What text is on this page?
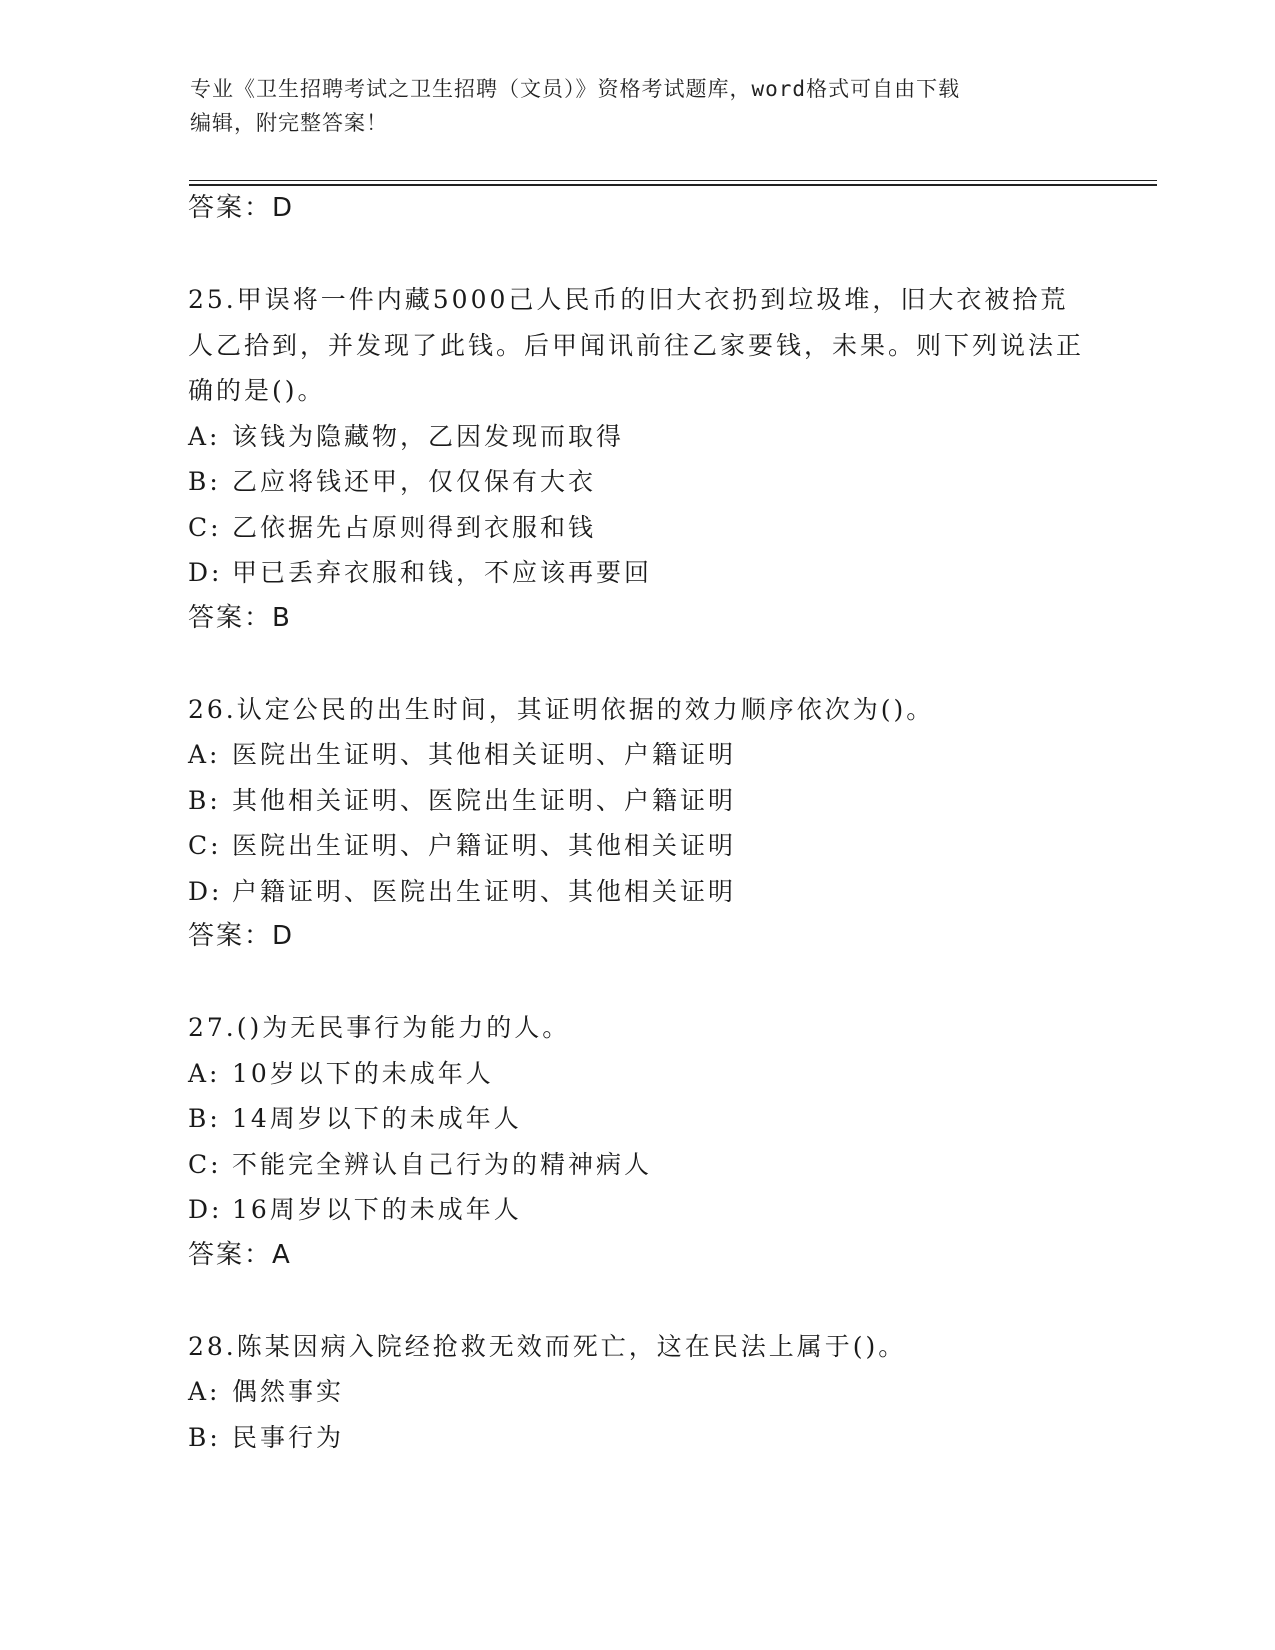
专业《卫生招聘考试之卫生招聘（文员）》资格考试题库，word格式可自由下载
编辑，附完整答案！
答案：D
25.甲误将一件内藏5000己人民币的旧大衣扔到垃圾堆，旧大衣被拾荒人乙拾到，并发现了此钱。后甲闻讯前往乙家要钱，未果。则下列说法正确的是()。
A: 该钱为隐藏物，乙因发现而取得
B: 乙应将钱还甲，仅仅保有大衣
C: 乙依据先占原则得到衣服和钱
D: 甲已丢弃衣服和钱，不应该再要回
答案：B
26.认定公民的出生时间，其证明依据的效力顺序依次为()。
A: 医院出生证明、其他相关证明、户籍证明
B: 其他相关证明、医院出生证明、户籍证明
C: 医院出生证明、户籍证明、其他相关证明
D: 户籍证明、医院出生证明、其他相关证明
答案：D
27.()为无民事行为能力的人。
A: 10岁以下的未成年人
B: 14周岁以下的未成年人
C: 不能完全辨认自己行为的精神病人
D: 16周岁以下的未成年人
答案：A
28.陈某因病入院经抢救无效而死亡，这在民法上属于()。
A: 偶然事实
B: 民事行为
